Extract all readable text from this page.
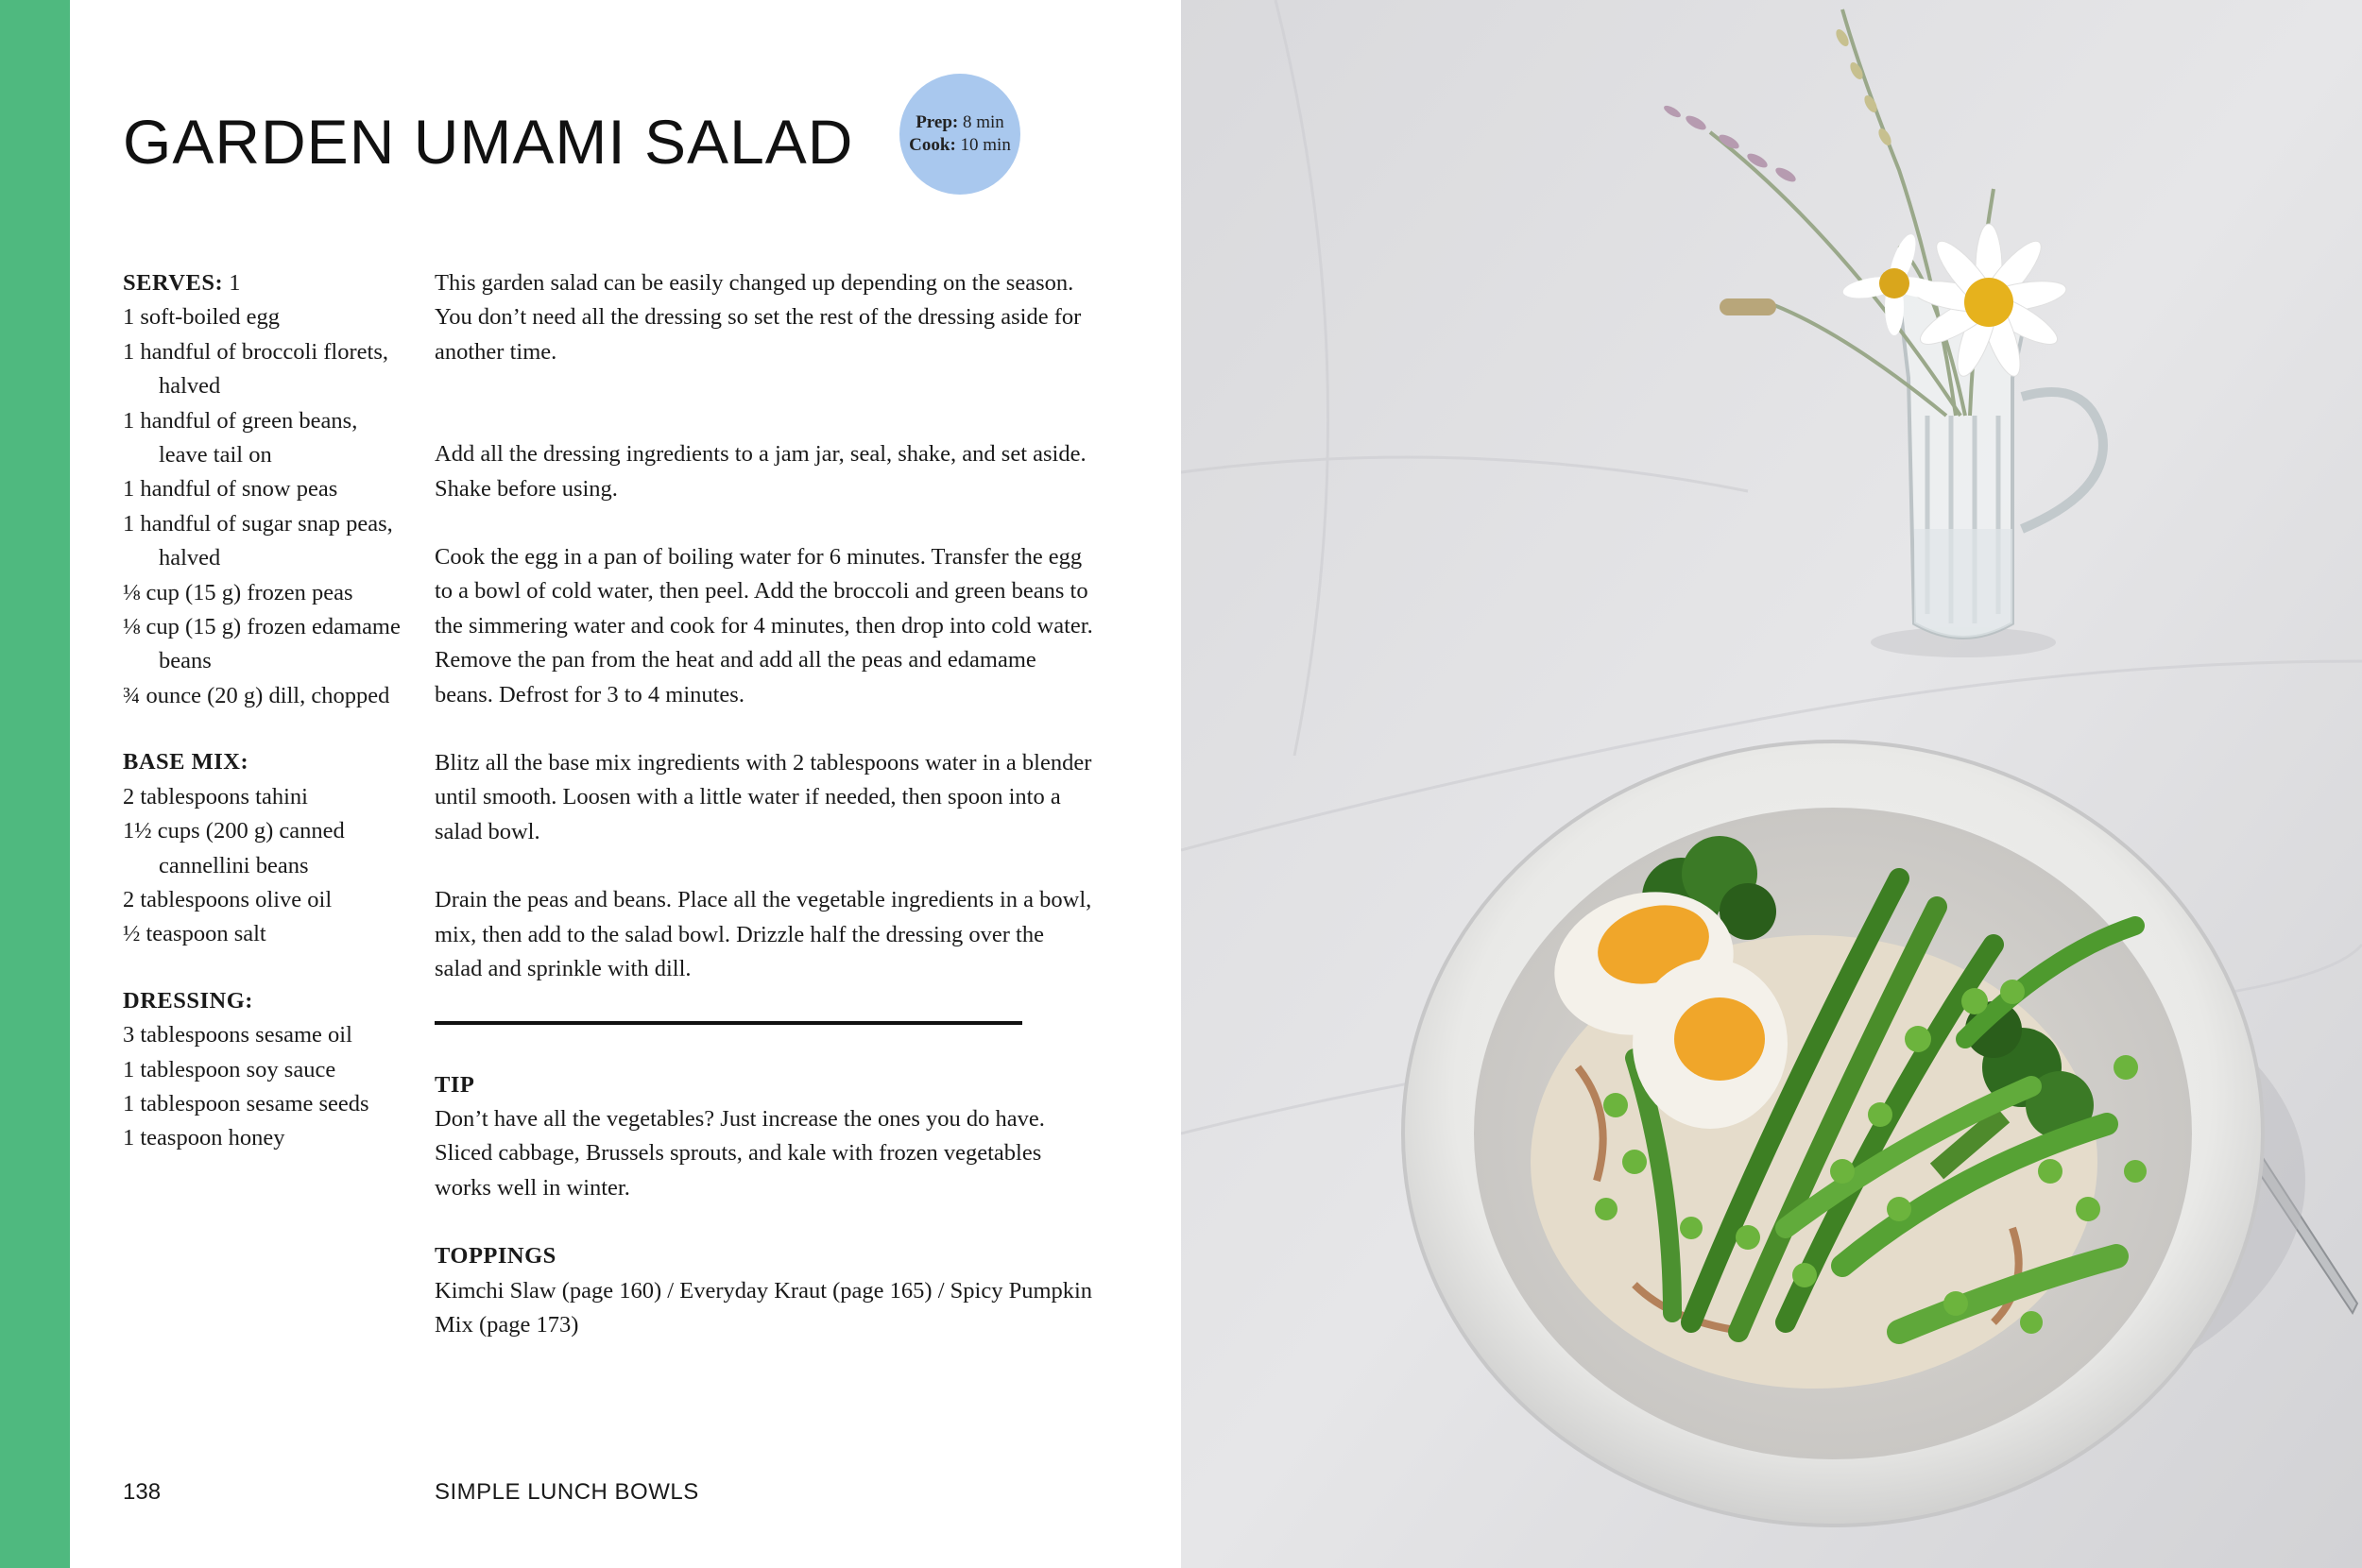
GARDEN UMAMI SALAD	Prep: 8 min
Cook: 10 min
SERVES: 1
1 soft-boiled egg
1 handful of broccoli florets, halved
1 handful of green beans, leave tail on
1 handful of snow peas
1 handful of sugar snap peas, halved
⅛ cup (15 g) frozen peas
⅛ cup (15 g) frozen edamame beans
¾ ounce (20 g) dill, chopped
BASE MIX:
2 tablespoons tahini
1½ cups (200 g) canned cannellini beans
2 tablespoons olive oil
½ teaspoon salt
DRESSING:
3 tablespoons sesame oil
1 tablespoon soy sauce
1 tablespoon sesame seeds
1 teaspoon honey

This garden salad can be easily changed up depending on the season. You don’t need all the dressing so set the rest of the dressing aside for another time.

Add all the dressing ingredients to a jam jar, seal, shake, and set aside. Shake before using.

Cook the egg in a pan of boiling water for 6 minutes. Transfer the egg to a bowl of cold water, then peel. Add the broccoli and green beans to the simmering water and cook for 4 minutes, then drop into cold water. Remove the pan from the heat and add all the peas and edamame beans. Defrost for 3 to 4 minutes.

Blitz all the base mix ingredients with 2 tablespoons water in a blender until smooth. Loosen with a little water if needed, then spoon into a salad bowl.

Drain the peas and beans. Place all the vegetable ingredients in a bowl, mix, then add to the salad bowl. Drizzle half the dressing over the salad and sprinkle with dill.

TIP

Don’t have all the vegetables? Just increase the ones you do have. Sliced cabbage, Brussels sprouts, and kale with frozen vegetables works well in winter.

TOPPINGS

Kimchi Slaw (page 160) / Everyday Kraut (page 165) / Spicy Pumpkin Mix (page 173)

138	SIMPLE LUNCH BOWLS
